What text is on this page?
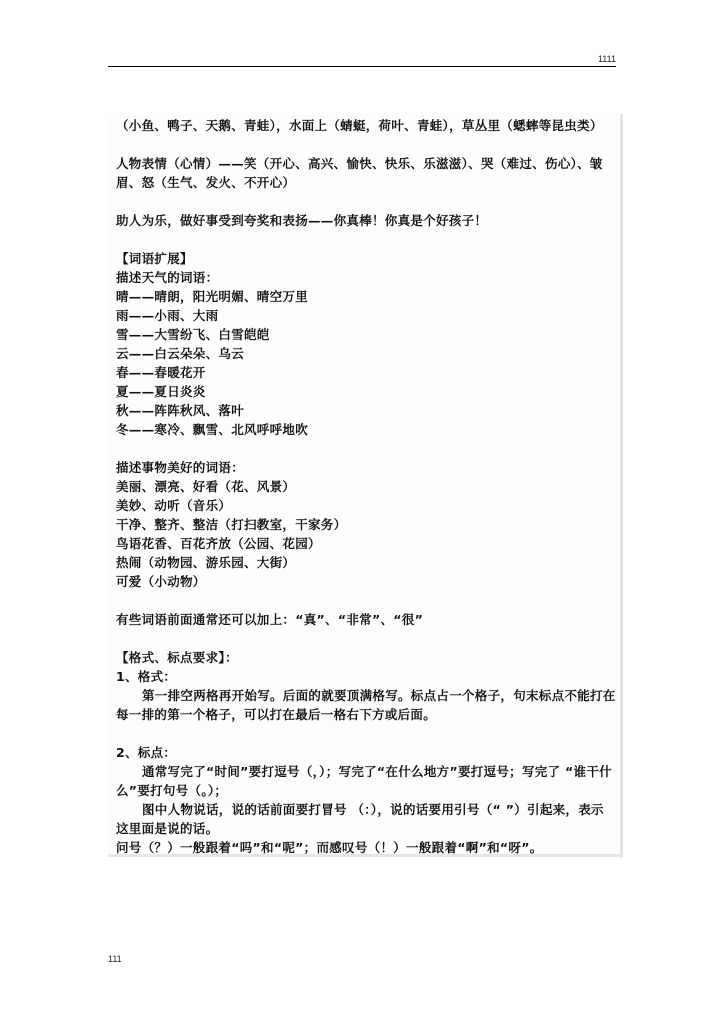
1111

（小鱼、鸭子、天鹅、青蛙），水面上（蜻蜓，荷叶、青蛙），草丛里（蟋蟀等昆虫类）

人物表情（心情）——笑（开心、高兴、愉快、快乐、乐滋滋）、哭（难过、伤心）、皱眉、怒（生气、发火、不开心）

助人为乐，做好事受到夸奖和表扬——你真棒！你真是个好孩子！

【词语扩展】
描述天气的词语：
晴——晴朗，阳光明媚、晴空万里
雨——小雨、大雨
雪——大雪纷飞、白雪皑皑
云——白云朵朵、乌云
春——春暖花开
夏——夏日炎炎
秋——阵阵秋风、落叶
冬——寒冷、飘雪、北风呼呼地吹
描述事物美好的词语：
美丽、漂亮、好看（花、风景）
美妙、动听（音乐）
干净、整齐、整洁（打扫教室，干家务）
鸟语花香、百花齐放（公园、花园）
热闹（动物园、游乐园、大街）
可爱（小动物）
有些词语前面通常还可以加上：“真”、“非常”、“很”
【格式、标点要求】：
1、格式：

第一排空两格再开始写。后面的就要顶满格写。标点占一个格子，句末标点不能打在每一排的第一个格子，可以打在最后一格右下方或后面。

2、标点：

通常写完了“时间”要打逗号（，）；写完了“在什么地方”要打逗号；写完了 “谁干什么”要打句号（。）；

图中人物说话，说的话前面要打冒号 （：），说的话要用引号（“ ”）引起来，表示这里面是说的话。

问号（？）一般跟着“吗”和“呢”；而感叹号（！）一般跟着“啊”和“呀”。

111
